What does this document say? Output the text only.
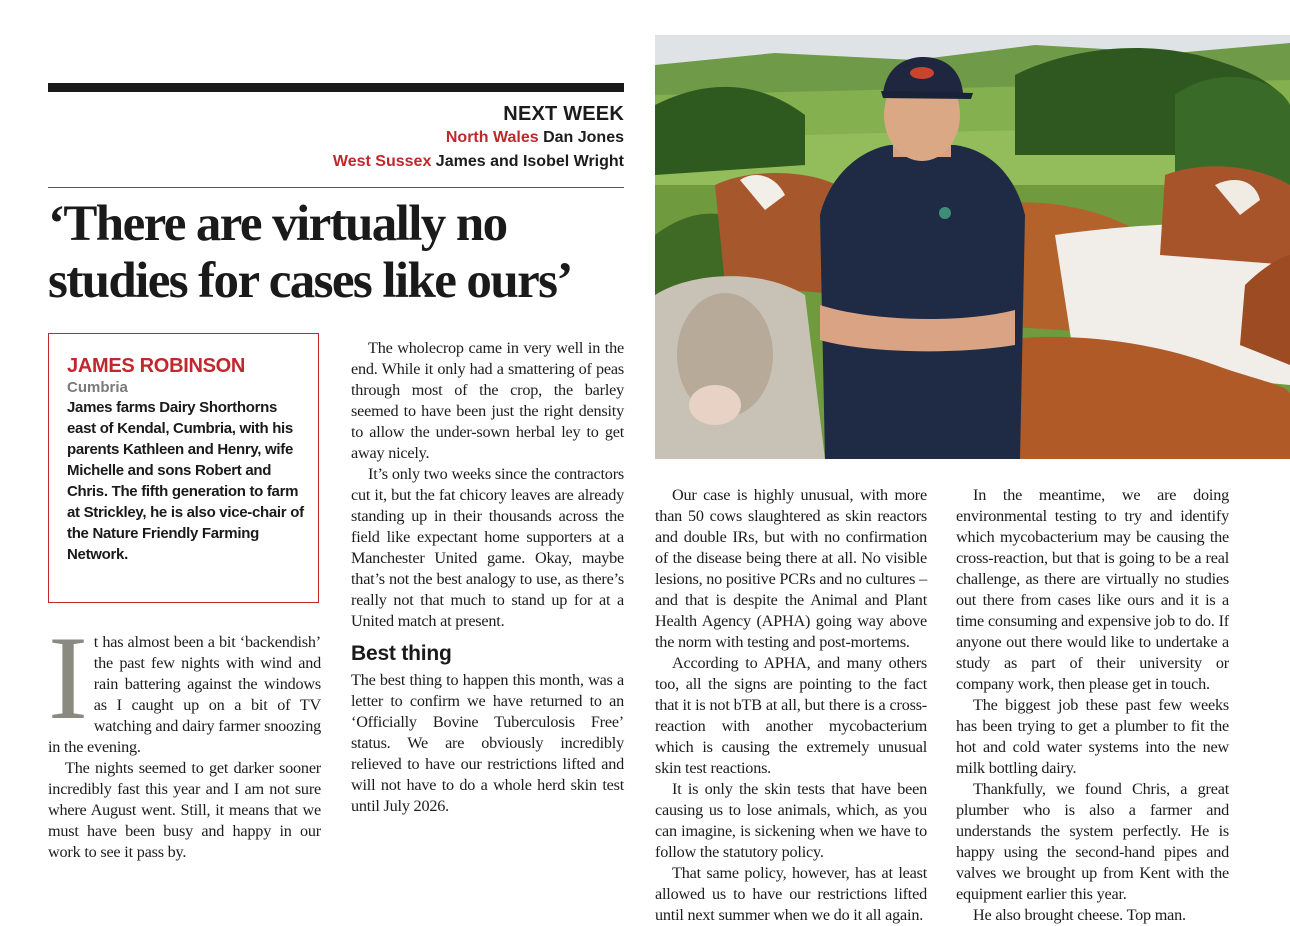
NEXT WEEK
North Wales Dan Jones
West Sussex James and Isobel Wright
‘There are virtually no
studies for cases like ours’
JAMES ROBINSON
Cumbria
James farms Dairy Shorthorns east of Kendal, Cumbria, with his parents Kathleen and Henry, wife Michelle and sons Robert and Chris. The fifth generation to farm at Strickley, he is also vice-chair of the Nature Friendly Farming Network.
I t has almost been a bit ‘backendish’ the past few nights with wind and rain battering against the windows as I caught up on a bit of TV watching and dairy farmer snoozing in the evening.

The nights seemed to get darker sooner incredibly fast this year and I am not sure where August went. Still, it means that we must have been busy and happy in our work to see it pass by.

The wholecrop came in very well in the end. While it only had a smattering of peas through most of the crop, the barley seemed to have been just the right density to allow the under-sown herbal ley to get away nicely.

It’s only two weeks since the contractors cut it, but the fat chicory leaves are already standing up in their thousands across the field like expectant home supporters at a Manchester United game. Okay, maybe that’s not the best analogy to use, as there’s really not that much to stand up for at a United match at present.

Best thing

The best thing to happen this month, was a letter to confirm we have returned to an ‘Officially Bovine Tuberculosis Free’ status. We are obviously incredibly relieved to have our restrictions lifted and will not have to do a whole herd skin test until July 2026.

Our case is highly unusual, with more than 50 cows slaughtered as skin reactors and double IRs, but with no confirmation of the disease being there at all. No visible lesions, no positive PCRs and no cultures – and that is despite the Animal and Plant Health Agency (APHA) going way above the norm with testing and post-mortems.

According to APHA, and many others too, all the signs are pointing to the fact that it is not bTB at all, but there is a cross-reaction with another mycobacterium which is causing the extremely unusual skin test reactions.

It is only the skin tests that have been causing us to lose animals, which, as you can imagine, is sickening when we have to follow the statutory policy.

That same policy, however, has at least allowed us to have our restrictions lifted until next summer when we do it all again.

In the meantime, we are doing environmental testing to try and identify which mycobacterium may be causing the cross-reaction, but that is going to be a real challenge, as there are virtually no studies out there from cases like ours and it is a time consuming and expensive job to do. If anyone out there would like to undertake a study as part of their university or company work, then please get in touch.

The biggest job these past few weeks has been trying to get a plumber to fit the hot and cold water systems into the new milk bottling dairy.

Thankfully, we found Chris, a great plumber who is also a farmer and understands the system perfectly. He is happy using the second-hand pipes and valves we brought up from Kent with the equipment earlier this year.

He also brought cheese. Top man.
